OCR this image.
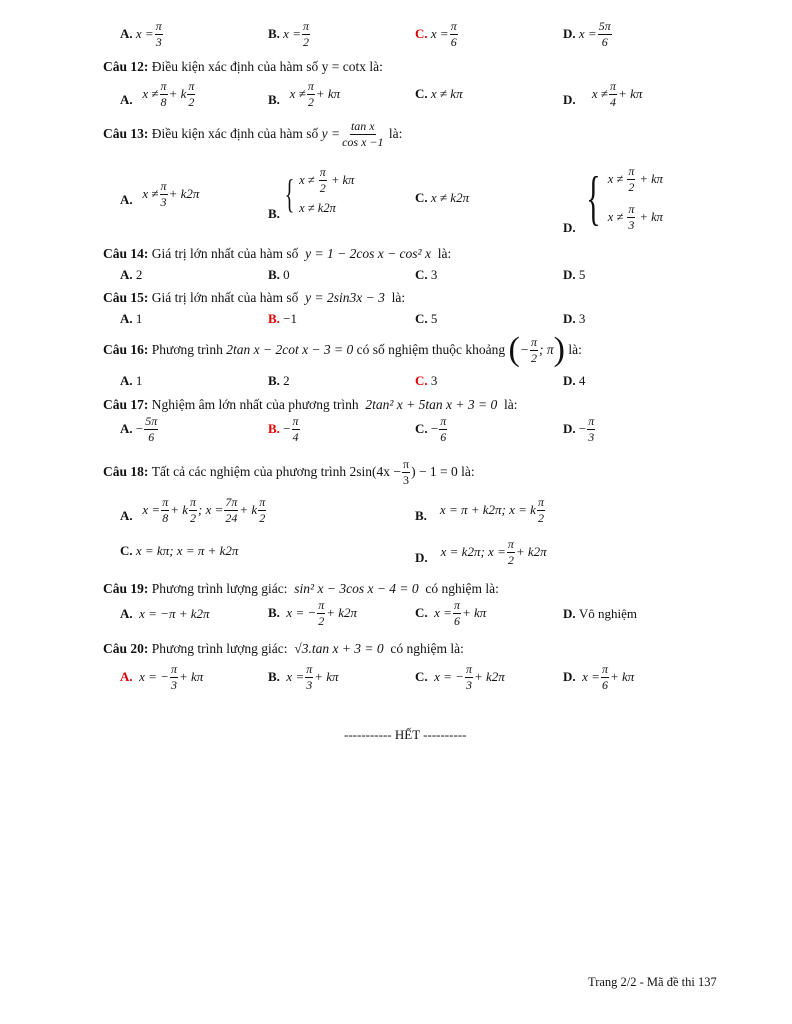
A.
$x = \frac{\pi}{3}$	B.
$x = \frac{\pi}{2}$	C.
$x = \frac{\pi}{6}$	D.
$x = \frac{5\pi}{6}$
Câu 12: Điều kiện xác định của hàm số y = cotx là:
A.
$x \ne \frac{\pi}{8} + k \frac{\pi}{2}$	B.
$x \ne \frac{\pi}{2} + k\pi$	C.
x ≠ kπ	D.
$x \ne \frac{\pi}{4} + k\pi$
Câu 13:
Điều kiện xác định của hàm số
$y = \frac{\text{tan x}}{\text{cos x −1}}$
là:
A.
$x \ne \frac{\pi}{3} + k2\pi$
B. { x ≠
$\frac{\pi}{2}$
+ kπ
x ≠ k2π
C.
x ≠ k2π
D.
{ x ≠
$\frac{\pi}{2}$
+ kπ
x ≠
$\frac{\pi}{3}$
+ kπ
Câu 14: Giá trị lớn nhất của hàm số y = 1 − 2cos x − cos² x là:
A. 2	B. 0	C. 3	D. 5
Câu 15: Giá trị lớn nhất của hàm số y = 2sin3x − 3 là:
A. 1	B. −1	C. 5	D. 3
Câu 16:
Phương trình
2tan x − 2cot x − 3 = 0
có số nghiệm thuộc khoảng
( − $\frac{\pi}{2}$ ; π )
là:
A. 1	B. 2	C. 3	D. 4
Câu 17: Nghiệm âm lớn nhất của phương trình 2tan² x + 5tan x + 3 = 0 là:
A.
− $\frac{5\pi}{6}$	B.
− $\frac{\pi}{4}$	C.
− $\frac{\pi}{6}$	D.
− $\frac{\pi}{3}$
Câu 18:
Tất cả các nghiệm của phương trình $2\sin(4x - \frac{\pi}{3}$ ) − 1 = 0 là:
A.
$x = \frac{\pi}{8} + k \frac{\pi}{2}$ ; $x = \frac{7\pi}{24} + k \frac{\pi}{2}$	B.
x = π + k2π; x = k $\frac{\pi}{2}$
C.
x = kπ; x = π + k2π	D.
x = k2π; $x = \frac{\pi}{2} + k2\pi$
Câu 19: Phương trình lượng giác: sin² x − 3cos x − 4 = 0 có nghiệm là:
A.
x = −π + k2π	B.
x = − $\frac{\pi}{2} + k2\pi$	C.
$x = \frac{\pi}{6} + k\pi$	D.
Vô nghiệm
Câu 20: Phương trình lượng giác: √3.tan x + 3 = 0 có nghiệm là:
A.
x = − $\frac{\pi}{3} + k\pi$	B.
$x = \frac{\pi}{3} + k\pi$	C.
x = − $\frac{\pi}{3} + k2\pi$	D.
$x = \frac{\pi}{6} + k\pi$
----------- HẾT ----------
Trang 2/2 - Mã đề thi 137
